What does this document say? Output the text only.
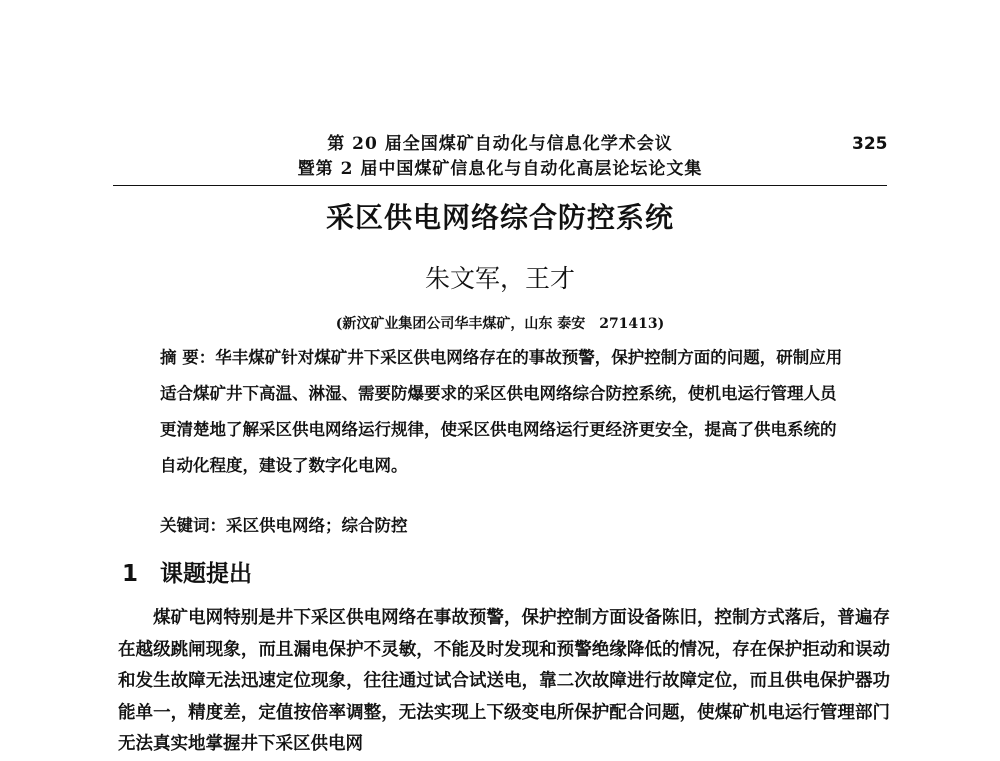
第 20 届全国煤矿自动化与信息化学术会议
暨第 2 届中国煤矿信息化与自动化高层论坛论文集
325
采区供电网络综合防控系统
朱文军，王才
(新汶矿业集团公司华丰煤矿，山东 泰安　271413)
摘 要：华丰煤矿针对煤矿井下采区供电网络存在的事故预警，保护控制方面的问题，研制应用适合煤矿井下高温、淋湿、需要防爆要求的采区供电网络综合防控系统，使机电运行管理人员更清楚地了解采区供电网络运行规律，使采区供电网络运行更经济更安全，提高了供电系统的自动化程度，建设了数字化电网。
关键词：采区供电网络；综合防控
1 课题提出
煤矿电网特别是井下采区供电网络在事故预警，保护控制方面设备陈旧，控制方式落后，普遍存在越级跳闸现象，而且漏电保护不灵敏，不能及时发现和预警绝缘降低的情况，存在保护拒动和误动和发生故障无法迅速定位现象，往往通过试合试送电，靠二次故障进行故障定位，而且供电保护器功能单一，精度差，定值按倍率调整，无法实现上下级变电所保护配合问题，使煤矿机电运行管理部门无法真实地掌握井下采区供电网
